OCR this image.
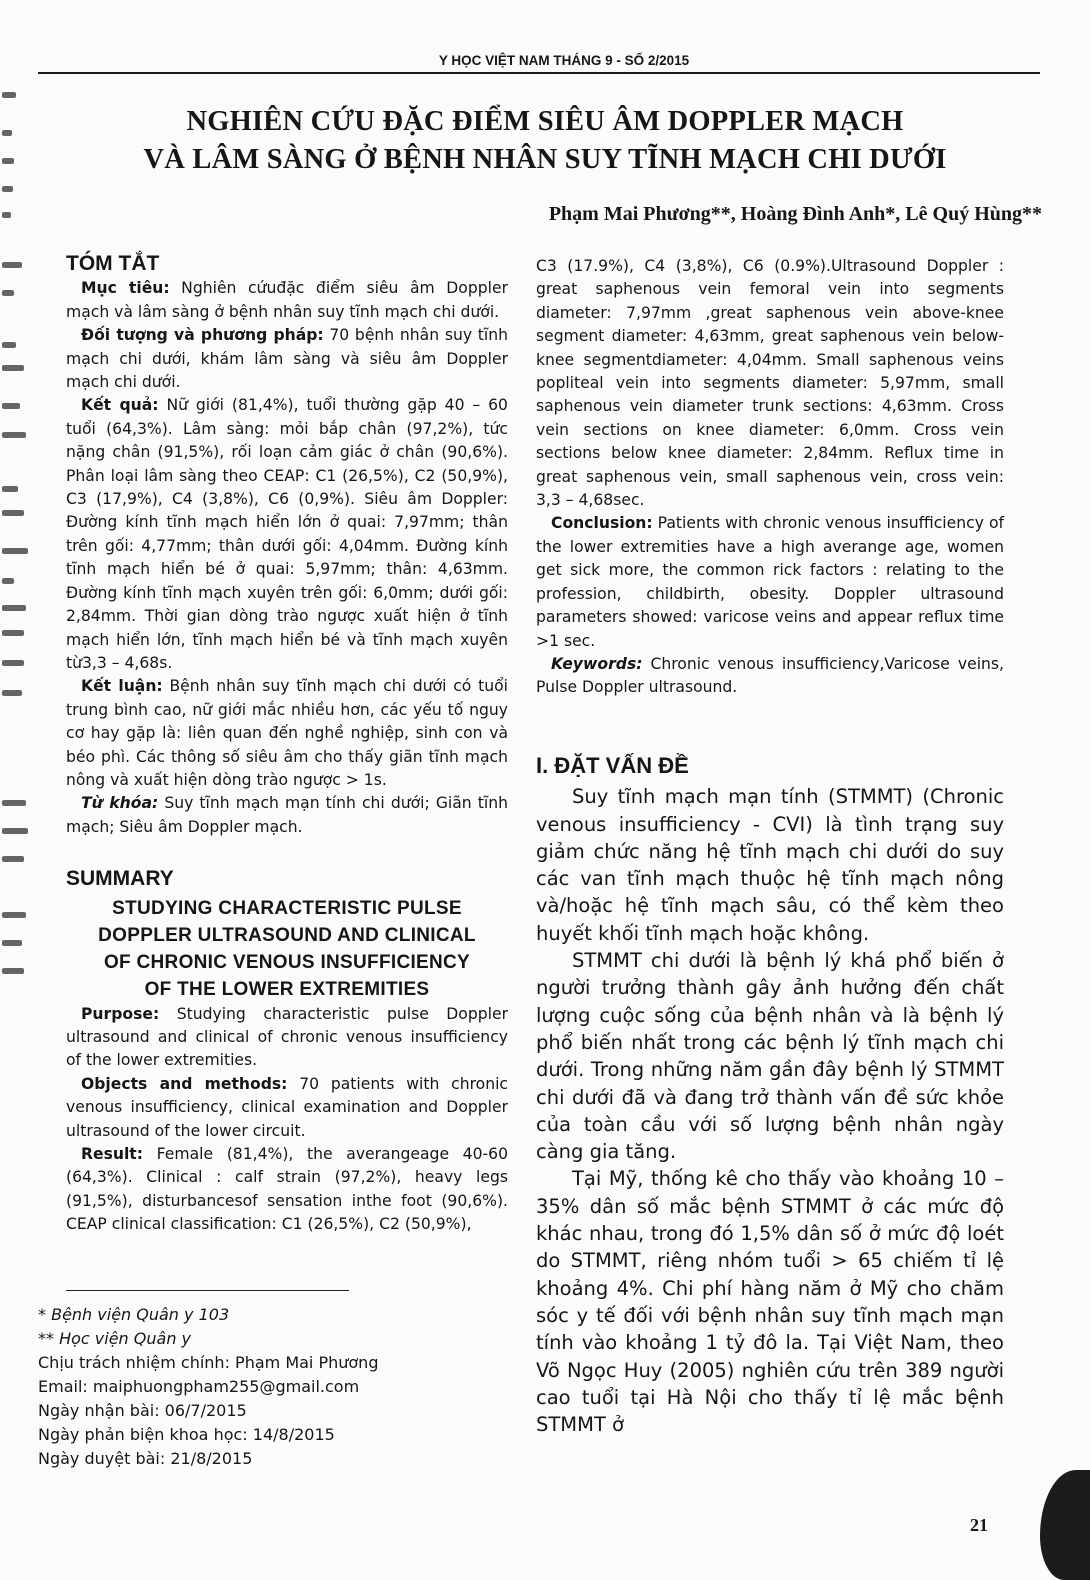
Y HỌC VIỆT NAM THÁNG 9 - SỐ 2/2015
NGHIÊN CỨU ĐẶC ĐIỂM SIÊU ÂM DOPPLER MẠCH
VÀ LÂM SÀNG Ở BỆNH NHÂN SUY TĨNH MẠCH CHI DƯỚI
Phạm Mai Phương**, Hoàng Đình Anh*, Lê Quý Hùng**
TÓM TẮT

Mục tiêu: Nghiên cứuđặc điểm siêu âm Doppler mạch và lâm sàng ở bệnh nhân suy tĩnh mạch chi dưới.

Đối tượng và phương pháp: 70 bệnh nhân suy tĩnh mạch chi dưới, khám lâm sàng và siêu âm Doppler mạch chi dưới.

Kết quả: Nữ giới (81,4%), tuổi thường gặp 40 – 60 tuổi (64,3%). Lâm sàng: mỏi bắp chân (97,2%), tức nặng chân (91,5%), rối loạn cảm giác ở chân (90,6%). Phân loại lâm sàng theo CEAP: C1 (26,5%), C2 (50,9%), C3 (17,9%), C4 (3,8%), C6 (0,9%). Siêu âm Doppler: Đường kính tĩnh mạch hiển lớn ở quai: 7,97mm; thân trên gối: 4,77mm; thân dưới gối: 4,04mm. Đường kính tĩnh mạch hiển bé ở quai: 5,97mm; thân: 4,63mm. Đường kính tĩnh mạch xuyên trên gối: 6,0mm; dưới gối: 2,84mm. Thời gian dòng trào ngược xuất hiện ở tĩnh mạch hiển lớn, tĩnh mạch hiển bé và tĩnh mạch xuyên từ3,3 – 4,68s.

Kết luận: Bệnh nhân suy tĩnh mạch chi dưới có tuổi trung bình cao, nữ giới mắc nhiều hơn, các yếu tố nguy cơ hay gặp là: liên quan đến nghề nghiệp, sinh con và béo phì. Các thông số siêu âm cho thấy giãn tĩnh mạch nông và xuất hiện dòng trào ngược > 1s.

Từ khóa: Suy tĩnh mạch mạn tính chi dưới; Giãn tĩnh mạch; Siêu âm Doppler mạch.

SUMMARY
STUDYING CHARACTERISTIC PULSE
DOPPLER ULTRASOUND AND CLINICAL
OF CHRONIC VENOUS INSUFFICIENCY
OF THE LOWER EXTREMITIES

Purpose: Studying characteristic pulse Doppler ultrasound and clinical of chronic venous insufficiency of the lower extremities.

Objects and methods: 70 patients with chronic venous insufficiency, clinical examination and Doppler ultrasound of the lower circuit.

Result: Female (81,4%), the averangeage 40-60 (64,3%). Clinical : calf strain (97,2%), heavy legs (91,5%), disturbancesof sensation inthe foot (90,6%). CEAP clinical classification: C1 (26,5%), C2 (50,9%),

* Bệnh viện Quân y 103
** Học viện Quân y
Chịu trách nhiệm chính: Phạm Mai Phương
Email: maiphuongpham255@gmail.com
Ngày nhận bài: 06/7/2015
Ngày phản biện khoa học: 14/8/2015
Ngày duyệt bài: 21/8/2015

C3 (17.9%), C4 (3,8%), C6 (0.9%).Ultrasound Doppler : great saphenous vein femoral vein into segments diameter: 7,97mm ,great saphenous vein above-knee segment diameter: 4,63mm, great saphenous vein below-knee segmentdiameter: 4,04mm. Small saphenous veins popliteal vein into segments diameter: 5,97mm, small saphenous vein diameter trunk sections: 4,63mm. Cross vein sections on knee diameter: 6,0mm. Cross vein sections below knee diameter: 2,84mm. Reflux time in great saphenous vein, small saphenous vein, cross vein: 3,3 – 4,68sec.

Conclusion: Patients with chronic venous insufficiency of the lower extremities have a high averange age, women get sick more, the common rick factors : relating to the profession, childbirth, obesity. Doppler ultrasound parameters showed: varicose veins and appear reflux time >1 sec.

Keywords: Chronic venous insufficiency,Varicose veins, Pulse Doppler ultrasound.

I. ĐẶT VẤN ĐỀ

Suy tĩnh mạch mạn tính (STMMT) (Chronic venous insufficiency - CVI) là tình trạng suy giảm chức năng hệ tĩnh mạch chi dưới do suy các van tĩnh mạch thuộc hệ tĩnh mạch nông và/hoặc hệ tĩnh mạch sâu, có thể kèm theo huyết khối tĩnh mạch hoặc không.

STMMT chi dưới là bệnh lý khá phổ biến ở người trưởng thành gây ảnh hưởng đến chất lượng cuộc sống của bệnh nhân và là bệnh lý phổ biến nhất trong các bệnh lý tĩnh mạch chi dưới. Trong những năm gần đây bệnh lý STMMT chi dưới đã và đang trở thành vấn đề sức khỏe của toàn cầu với số lượng bệnh nhân ngày càng gia tăng.

Tại Mỹ, thống kê cho thấy vào khoảng 10 – 35% dân số mắc bệnh STMMT ở các mức độ khác nhau, trong đó 1,5% dân số ở mức độ loét do STMMT, riêng nhóm tuổi > 65 chiếm tỉ lệ khoảng 4%. Chi phí hàng năm ở Mỹ cho chăm sóc y tế đối với bệnh nhân suy tĩnh mạch mạn tính vào khoảng 1 tỷ đô la. Tại Việt Nam, theo Võ Ngọc Huy (2005) nghiên cứu trên 389 người cao tuổi tại Hà Nội cho thấy tỉ lệ mắc bệnh STMMT ở

21
